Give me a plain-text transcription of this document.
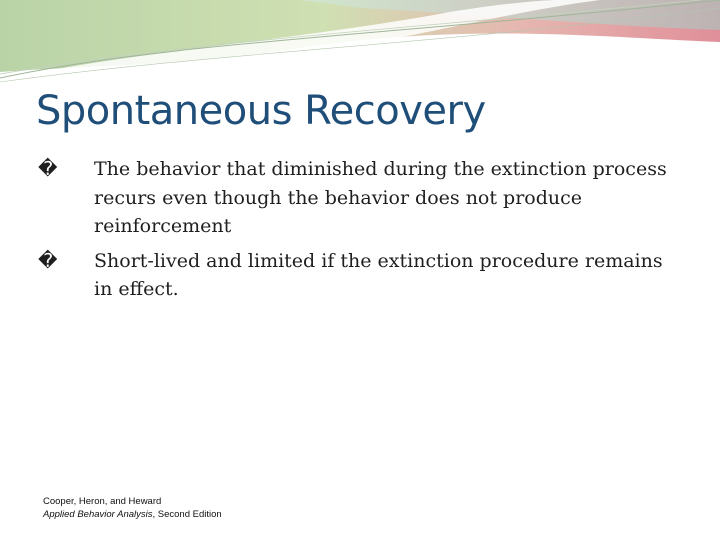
Spontaneous Recovery
�	The behavior that diminished during the extinction process recurs even though the behavior does not produce reinforcement
�	Short-lived and limited if the extinction procedure remains in effect.
Cooper, Heron, and Heward
Applied Behavior Analysis, Second Edition
